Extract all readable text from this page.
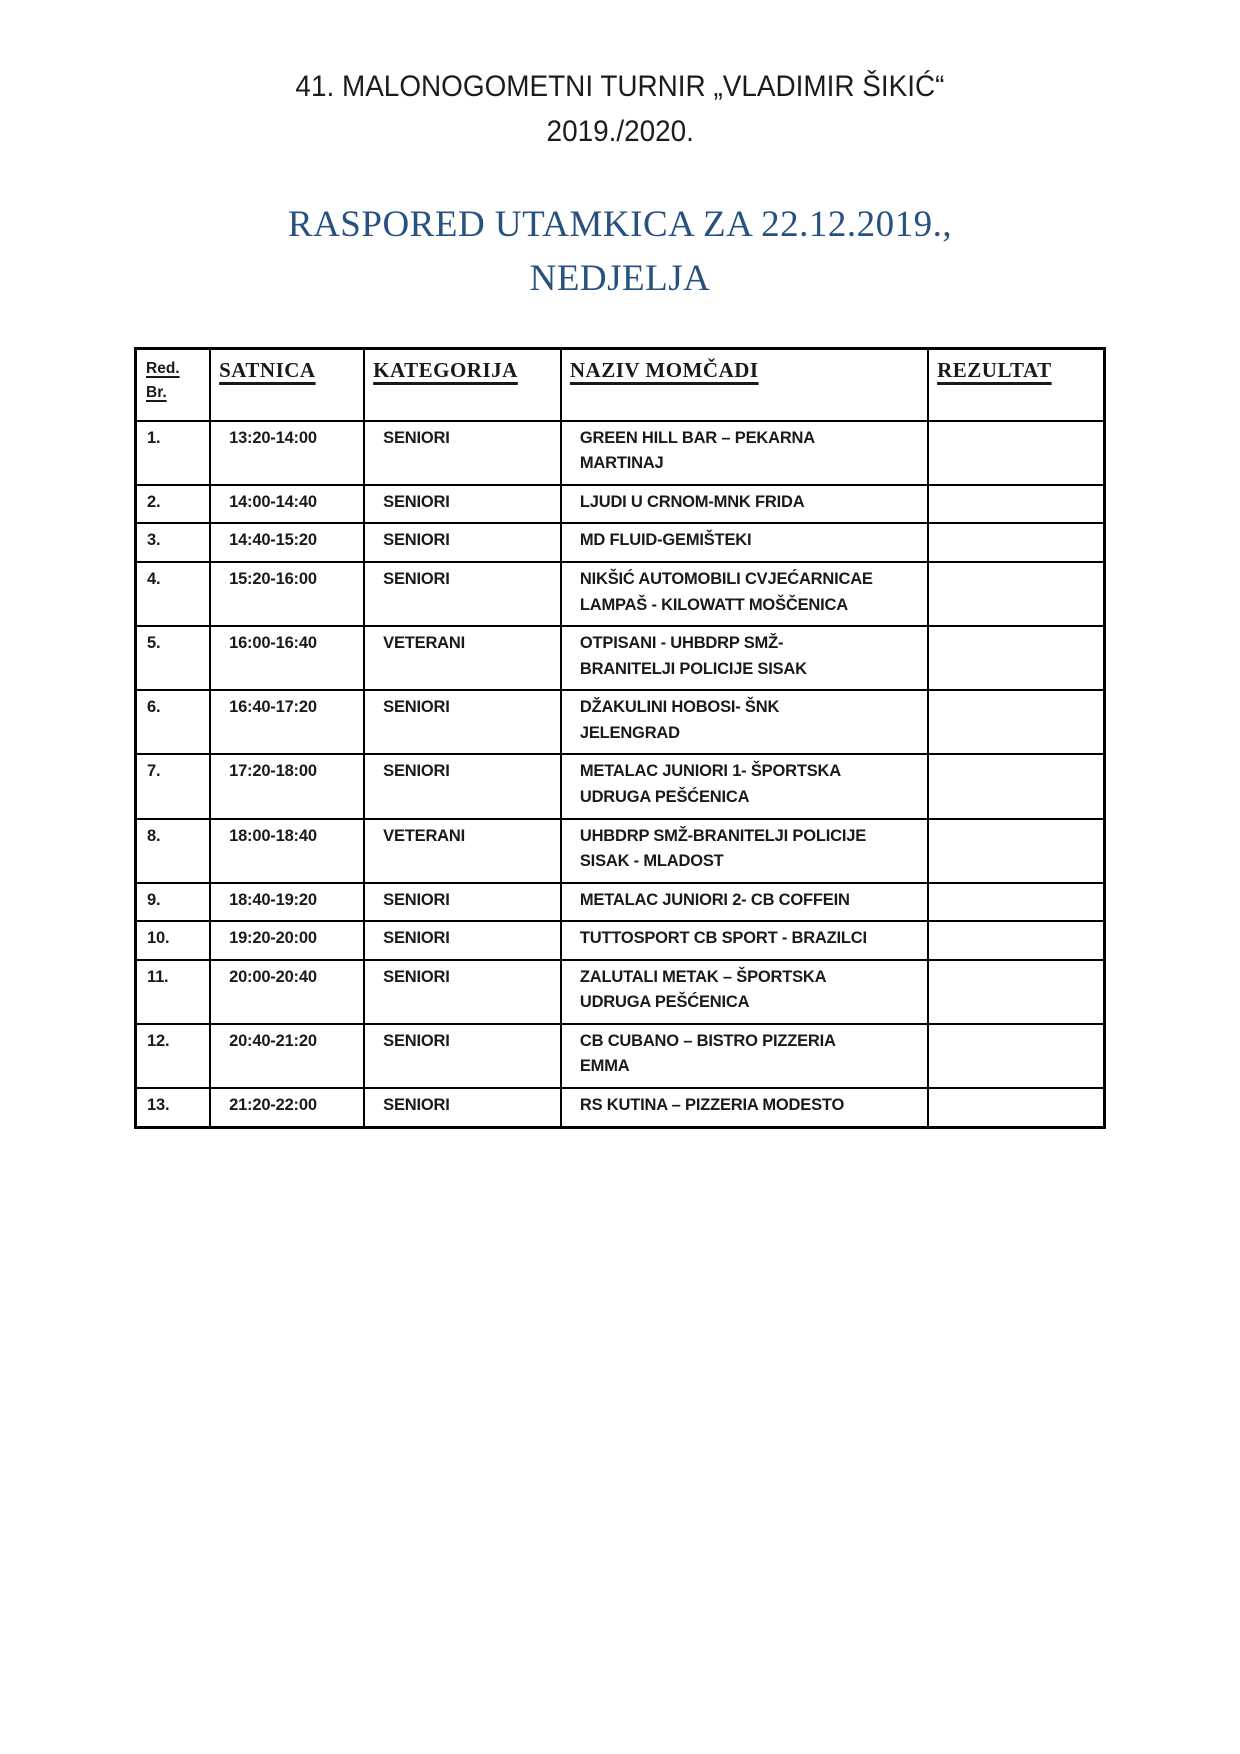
41. MALONOGOMETNI TURNIR „VLADIMIR ŠIKIĆ“
2019./2020.
RASPORED UTAMKICA ZA 22.12.2019.,
NEDJELJA
Red.
Br.	SATNICA	KATEGORIJA	NAZIV MOMČADI	REZULTAT

1.	13:20-14:00	SENIORI	GREEN HILL BAR – PEKARNA
MARTINAJ	

2.	14:00-14:40	SENIORI	LJUDI U CRNOM-MNK FRIDA	

3.	14:40-15:20	SENIORI	MD FLUID-GEMIŠTEKI	

4.	15:20-16:00	SENIORI	NIKŠIĆ AUTOMOBILI CVJEĆARNICAE
LAMPAŠ - KILOWATT MOŠČENICA	

5.	16:00-16:40	VETERANI	OTPISANI - UHBDRP SMŽ-
BRANITELJI POLICIJE SISAK	

6.	16:40-17:20	SENIORI	DŽAKULINI HOBOSI- ŠNK
JELENGRAD	

7.	17:20-18:00	SENIORI	METALAC JUNIORI 1- ŠPORTSKA
UDRUGA PEŠĆENICA	

8.	18:00-18:40	VETERANI	UHBDRP SMŽ-BRANITELJI POLICIJE
SISAK - MLADOST	

9.	18:40-19:20	SENIORI	METALAC JUNIORI 2- CB COFFEIN	

10.	19:20-20:00	SENIORI	TUTTOSPORT CB SPORT - BRAZILCI	

11.	20:00-20:40	SENIORI	ZALUTALI METAK – ŠPORTSKA
UDRUGA PEŠĆENICA	

12.	20:40-21:20	SENIORI	CB CUBANO – BISTRO PIZZERIA
EMMA	

13.	21:20-22:00	SENIORI	RS KUTINA – PIZZERIA MODESTO	
